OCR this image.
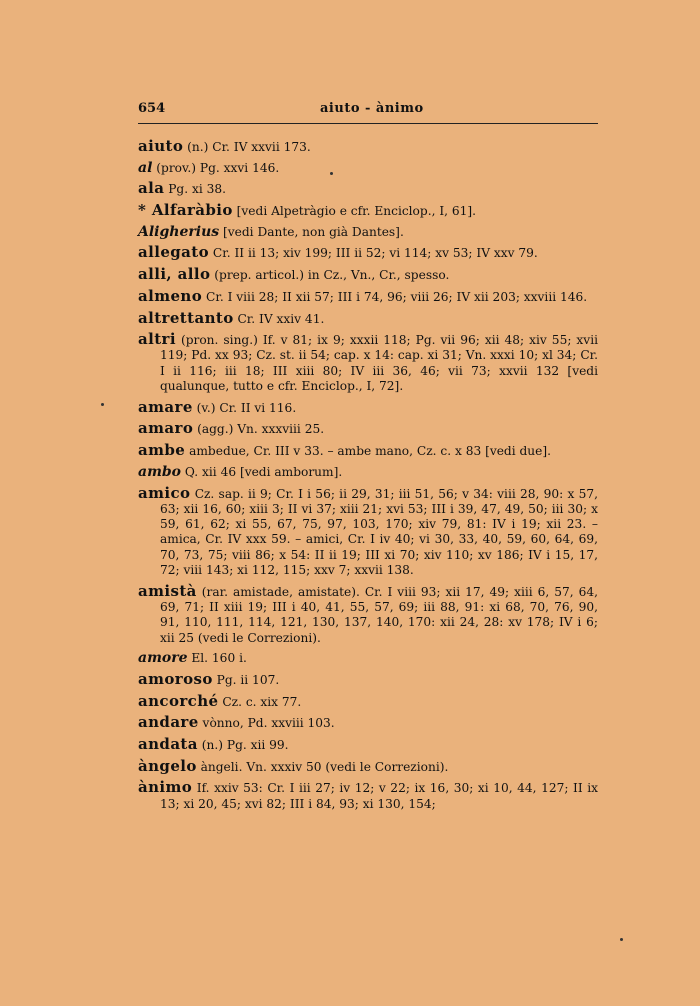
654	aiuto - ànimo
aiuto (n.) Cr. IV xxvii 173.
al (prov.) Pg. xxvi 146.
ala Pg. xi 38.
* Alfaràbio [vedi Alpetràgio e cfr. Enciclop., I, 61].
Aligherius [vedi Dante, non già Dantes].
allegato Cr. II ii 13; xiv 199; III ii 52; vi 114; xv 53; IV xxv 79.
alli, allo (prep. articol.) in Cz., Vn., Cr., spesso.
almeno Cr. I viii 28; II xii 57; III i 74, 96; viii 26; IV xii 203; xxviii 146.
altrettanto Cr. IV xxiv 41.
altri (pron. sing.) If. v 81; ix 9; xxxii 118; Pg. vii 96; xii 48; xiv 55; xvii 119; Pd. xx 93; Cz. st. ii 54; cap. x 14: cap. xi 31; Vn. xxxi 10; xl 34; Cr. I ii 116; iii 18; III xiii 80; IV iii 36, 46; vii 73; xxvii 132 [vedi qualunque, tutto e cfr. Enciclop., I, 72].
amare (v.) Cr. II vi 116.
amaro (agg.) Vn. xxxviii 25.
ambe ambedue, Cr. III v 33. – ambe mano, Cz. c. x 83 [vedi due].
ambo Q. xii 46 [vedi amborum].
amico Cz. sap. ii 9; Cr. I i 56; ii 29, 31; iii 51, 56; v 34: viii 28, 90: x 57, 63; xii 16, 60; xiii 3; II vi 37; xiii 21; xvi 53; III i 39, 47, 49, 50; iii 30; x 59, 61, 62; xi 55, 67, 75, 97, 103, 170; xiv 79, 81: IV i 19; xii 23. – amica, Cr. IV xxx 59. – amici, Cr. I iv 40; vi 30, 33, 40, 59, 60, 64, 69, 70, 73, 75; viii 86; x 54: II ii 19; III xi 70; xiv 110; xv 186; IV i 15, 17, 72; viii 143; xi 112, 115; xxv 7; xxvii 138.
amistà (rar. amistade, amistate). Cr. I viii 93; xii 17, 49; xiii 6, 57, 64, 69, 71; II xiii 19; III i 40, 41, 55, 57, 69; iii 88, 91: xi 68, 70, 76, 90, 91, 110, 111, 114, 121, 130, 137, 140, 170: xii 24, 28: xv 178; IV i 6; xii 25 (vedi le Correzioni).
amore El. 160 i.
amoroso Pg. ii 107.
ancorché Cz. c. xix 77.
andare vònno, Pd. xxviii 103.
andata (n.) Pg. xii 99.
àngelo àngeli. Vn. xxxiv 50 (vedi le Correzioni).
ànimo If. xxiv 53: Cr. I iii 27; iv 12; v 22; ix 16, 30; xi 10, 44, 127; II ix 13; xi 20, 45; xvi 82; III i 84, 93; xi 130, 154;
